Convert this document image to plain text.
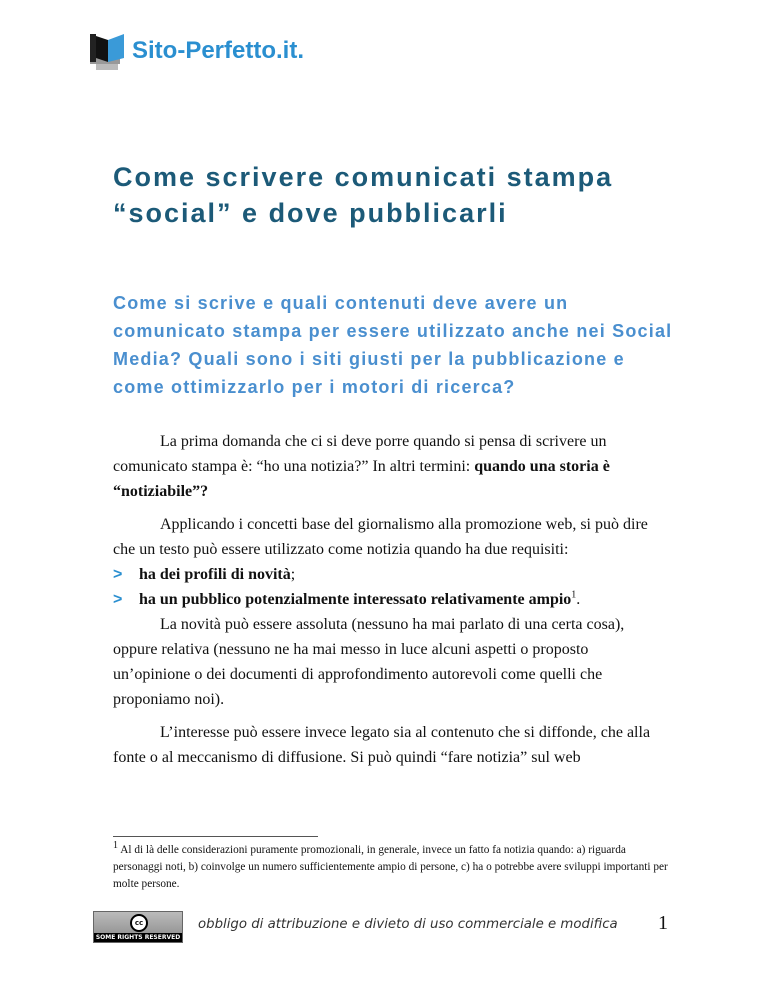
Sito-Perfetto.it.
Come scrivere comunicati stampa
“social” e dove pubblicarli
Come si scrive e quali contenuti deve avere un comunicato stampa per essere utilizzato anche nei Social Media? Quali sono i siti giusti per la pubblicazione e come ottimizzarlo per i motori di ricerca?

La prima domanda che ci si deve porre quando si pensa di scrivere un comunicato stampa è: “ho una notizia?” In altri termini: quando una storia è “notiziabile”?

Applicando i concetti base del giornalismo alla promozione web, si può dire che un testo può essere utilizzato come notizia quando ha due requisiti:

> ha dei profili di novità;
> ha un pubblico potenzialmente interessato relativamente ampio$^1$.

La novità può essere assoluta (nessuno ha mai parlato di una certa cosa), oppure relativa (nessuno ne ha mai messo in luce alcuni aspetti o proposto un’opinione o dei documenti di approfondimento autorevoli come quelli che proponiamo noi).

L’interesse può essere invece legato sia al contenuto che si diffonde, che alla fonte o al meccanismo di diffusione. Si può quindi “fare notizia” sul web

$^1$ Al di là delle considerazioni puramente promozionali, in generale, invece un fatto fa notizia quando: a) riguarda personaggi noti, b) coinvolge un numero sufficientemente ampio di persone, c) ha o potrebbe avere sviluppi importanti per molte persone.
cc
SOME RIGHTS RESERVED
obbligo di attribuzione e divieto di uso commerciale e modifica 1
